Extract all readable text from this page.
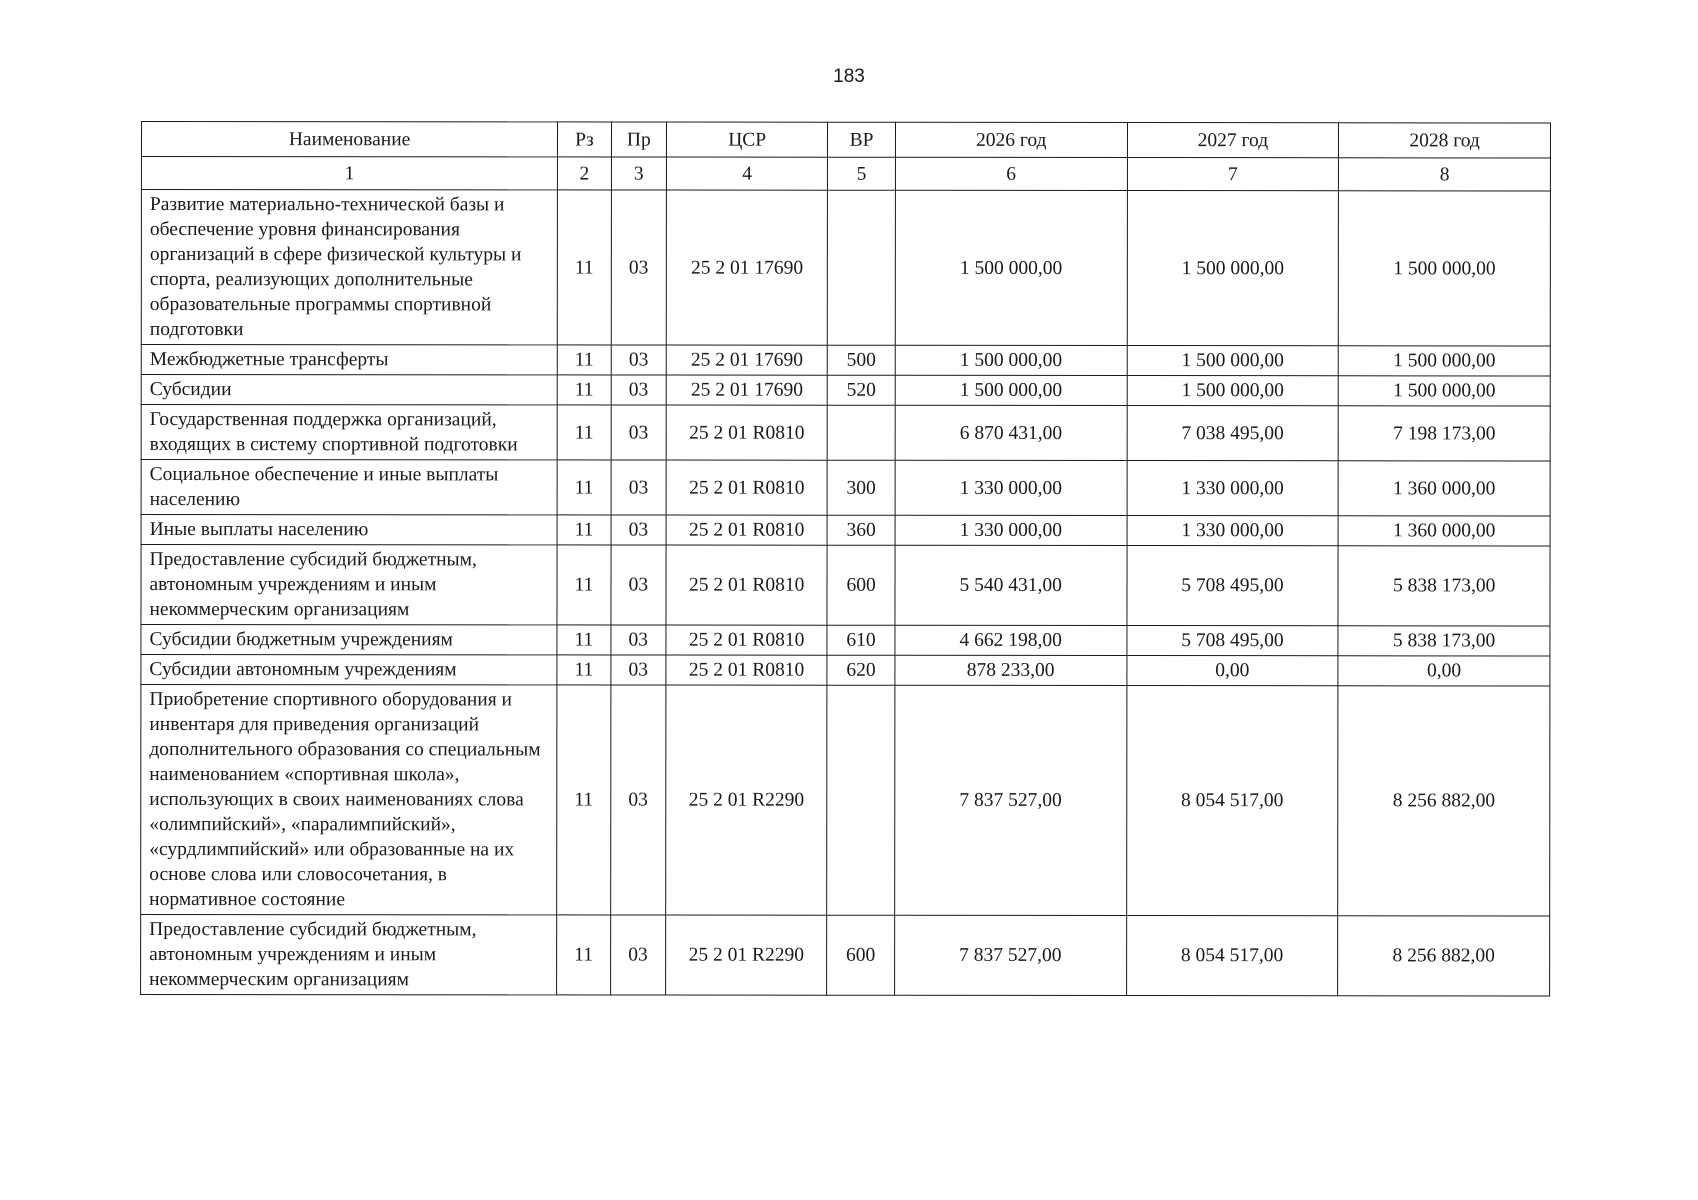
183
Наименование	Рз	Пр	ЦСР	ВР	2026 год	2027 год	2028 год
1	2	3	4	5	6	7	8
Развитие материально-технической базы и обеспечение уровня финансирования организаций в сфере физической культуры и спорта, реализующих дополнительные образовательные программы спортивной подготовки	11	03	25 2 01 17690		1 500 000,00	1 500 000,00	1 500 000,00
Межбюджетные трансферты	11	03	25 2 01 17690	500	1 500 000,00	1 500 000,00	1 500 000,00
Субсидии	11	03	25 2 01 17690	520	1 500 000,00	1 500 000,00	1 500 000,00
Государственная поддержка организаций, входящих в систему спортивной подготовки	11	03	25 2 01 R0810		6 870 431,00	7 038 495,00	7 198 173,00
Социальное обеспечение и иные выплаты населению	11	03	25 2 01 R0810	300	1 330 000,00	1 330 000,00	1 360 000,00
Иные выплаты населению	11	03	25 2 01 R0810	360	1 330 000,00	1 330 000,00	1 360 000,00
Предоставление субсидий бюджетным, автономным учреждениям и иным некоммерческим организациям	11	03	25 2 01 R0810	600	5 540 431,00	5 708 495,00	5 838 173,00
Субсидии бюджетным учреждениям	11	03	25 2 01 R0810	610	4 662 198,00	5 708 495,00	5 838 173,00
Субсидии автономным учреждениям	11	03	25 2 01 R0810	620	878 233,00	0,00	0,00
Приобретение спортивного оборудования и инвентаря для приведения организаций дополнительного образования со специальным наименованием «спортивная школа», использующих в своих наименованиях слова «олимпийский», «паралимпийский», «сурдлимпийский» или образованные на их основе слова или словосочетания, в нормативное состояние	11	03	25 2 01 R2290		7 837 527,00	8 054 517,00	8 256 882,00
Предоставление субсидий бюджетным, автономным учреждениям и иным некоммерческим организациям	11	03	25 2 01 R2290	600	7 837 527,00	8 054 517,00	8 256 882,00
